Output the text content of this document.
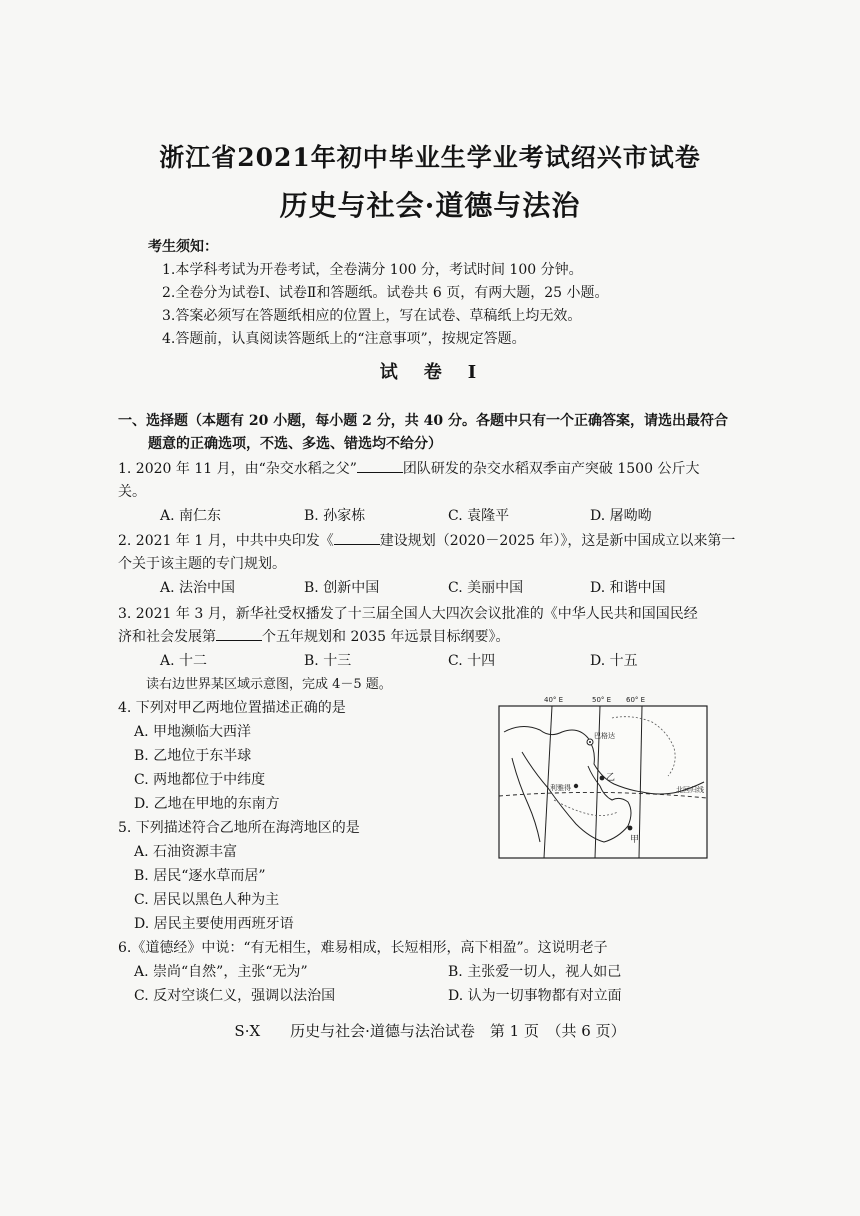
浙江省2021年初中毕业生学业考试绍兴市试卷
历史与社会·道德与法治
考生须知：
1.本学科考试为开卷考试，全卷满分 100 分，考试时间 100 分钟。
2.全卷分为试卷Ⅰ、试卷Ⅱ和答题纸。试卷共 6 页，有两大题，25 小题。
3.答案必须写在答题纸相应的位置上，写在试卷、草稿纸上均无效。
4.答题前，认真阅读答题纸上的“注意事项”，按规定答题。
试　卷　Ⅰ
一、选择题（本题有 20 小题，每小题 2 分，共 40 分。各题中只有一个正确答案，请选出最符合
题意的正确选项，不选、多选、错选均不给分）
1. 2020 年 11 月，由“杂交水稻之父”	团队研发的杂交水稻双季亩产突破 1500 公斤大
关。
A. 南仁东	B. 孙家栋	C. 袁隆平	D. 屠呦呦
2. 2021 年 1 月，中共中央印发《	建设规划（2020－2025 年）》，这是新中国成立以来第一
个关于该主题的专门规划。
A. 法治中国	B. 创新中国	C. 美丽中国	D. 和谐中国
3. 2021 年 3 月，新华社受权播发了十三届全国人大四次会议批准的《中华人民共和国国民经
济和社会发展第	个五年规划和 2035 年远景目标纲要》。
A. 十二	B. 十三	C. 十四	D. 十五
读右边世界某区域示意图，完成 4－5 题。
4. 下列对甲乙两地位置描述正确的是
A. 甲地濒临大西洋
B. 乙地位于东半球
C. 两地都位于中纬度
D. 乙地在甲地的东南方
5. 下列描述符合乙地所在海湾地区的是
A. 石油资源丰富
B. 居民“逐水草而居”
C. 居民以黑色人种为主
D. 居民主要使用西班牙语
6.《道德经》中说：“有无相生，难易相成，长短相形，高下相盈”。这说明老子
A. 崇尚“自然”，主张“无为”	B. 主张爱一切人，视人如己
C. 反对空谈仁义，强调以法治国	D. 认为一切事物都有对立面
40° E	50° E 60° E
巴格达
利雅得
乙
北回归线
甲
S·X　　历史与社会·道德与法治试卷　第 1 页　（共 6 页）
